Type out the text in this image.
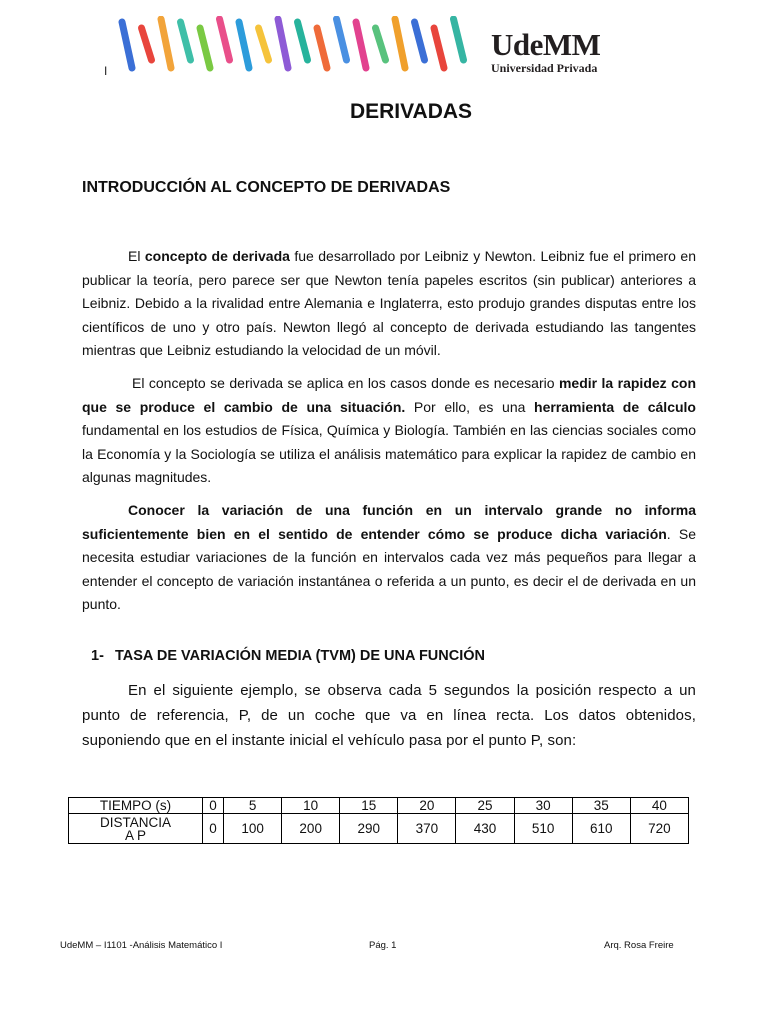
I
UdeMM
Universidad Privada
DERIVADAS
INTRODUCCIÓN AL CONCEPTO DE DERIVADAS
El concepto de derivada fue desarrollado por Leibniz y Newton. Leibniz fue el primero en publicar la teoría, pero parece ser que Newton tenía papeles escritos (sin publicar) anteriores a Leibniz. Debido a la rivalidad entre Alemania e Inglaterra, esto produjo grandes disputas entre los científicos de uno y otro país. Newton llegó al concepto de derivada estudiando las tangentes mientras que Leibniz estudiando la velocidad de un móvil.
El concepto se derivada se aplica en los casos donde es necesario medir la rapidez con que se produce el cambio de una situación. Por ello, es una herramienta de cálculo fundamental en los estudios de Física, Química y Biología. También en las ciencias sociales como la Economía y la Sociología se utiliza el análisis matemático para explicar la rapidez de cambio en algunas magnitudes.
Conocer la variación de una función en un intervalo grande no informa suficientemente bien en el sentido de entender cómo se produce dicha variación. Se necesita estudiar variaciones de la función en intervalos cada vez más pequeños para llegar a entender el concepto de variación instantánea o referida a un punto, es decir el de derivada en un punto.
1- TASA DE VARIACIÓN MEDIA (TVM) DE UNA FUNCIÓN
En el siguiente ejemplo, se observa cada 5 segundos la posición respecto a un punto de referencia, P, de un coche que va en línea recta. Los datos obtenidos, suponiendo que en el instante inicial el vehículo pasa por el punto P, son:
TIEMPO (s)	0	5	10	15	20	25	30	35	40
DISTANCIA
A P	0	100	200	290	370	430	510	610	720
UdeMM – I1101 -Análisis Matemático I	Pág. 1	Arq. Rosa Freire
